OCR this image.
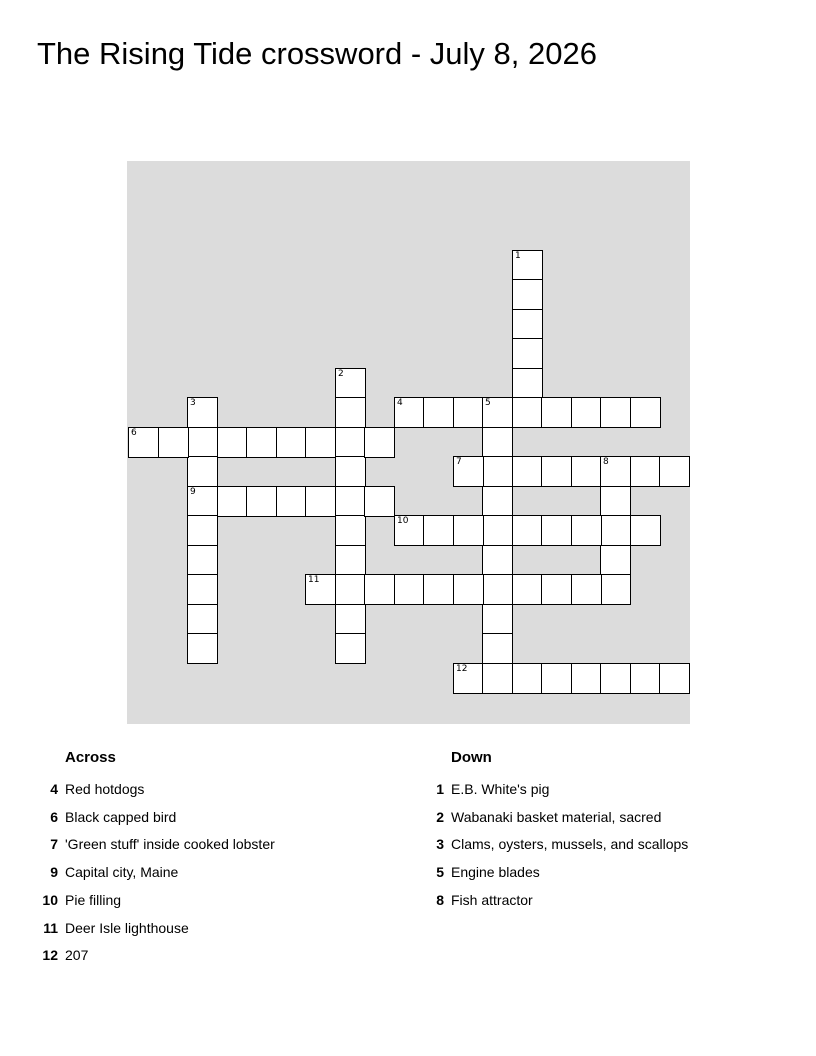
The Rising Tide crossword - July 8, 2026
1
2
3
9
4	5
6
7	8
10
11
12
Across
4 Red hotdogs
6 Black capped bird
7 'Green stuff' inside cooked lobster
9 Capital city, Maine
10 Pie filling
11 Deer Isle lighthouse
12 207
Down
1 E.B. White's pig
2 Wabanaki basket material, sacred
3 Clams, oysters, mussels, and scallops
5 Engine blades
8 Fish attractor
